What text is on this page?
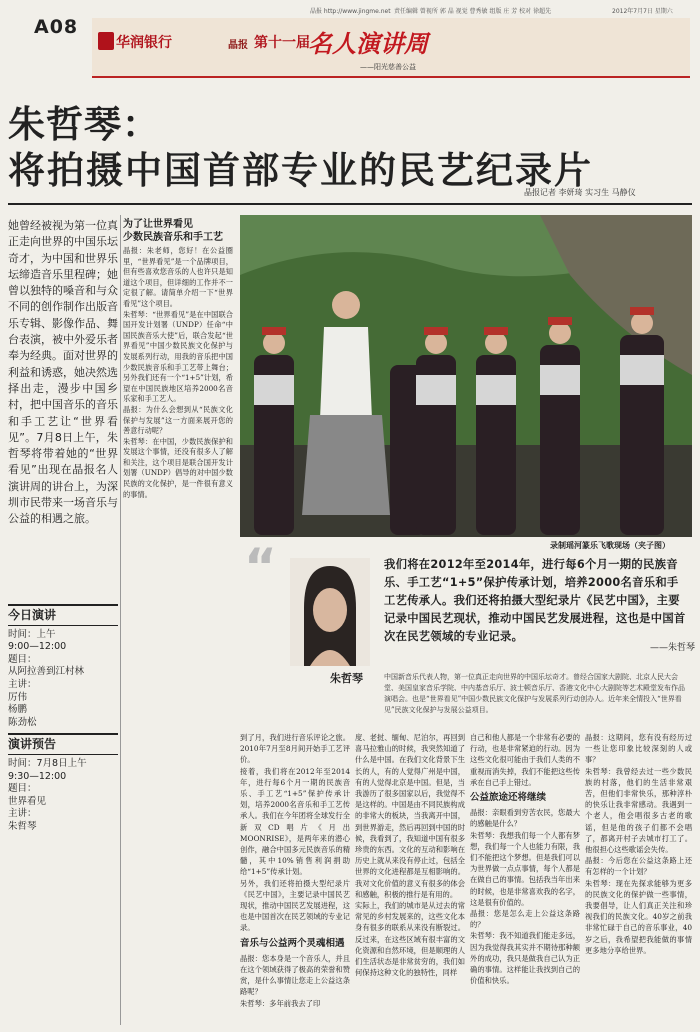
晶报 http://www.jingme.net 责任编辑 曾视所 郭 晶 视觉 曹秀敏 组版 庄 芳 校对 徐超先	2012年7月7日 星期六
A08
华润银行	晶报 第十一届
名人演讲周
——阳光慈善公益
朱哲琴：
将拍摄中国首部专业的民艺纪录片
晶报记者 李妍琦 实习生 马静仪
她曾经被视为第一位真正走向世界的中国乐坛奇才，为中国和世界乐坛缔造音乐里程碑；她曾以独特的嗓音和与众不同的创作制作出版音乐专辑、影像作品、舞台表演，被中外爱乐者奉为经典。面对世界的利益和诱惑，她决然选择出走，漫步中国乡村，把中国音乐的音乐和手工艺让“世界看见”。7月8日上午，朱哲琴将带着她的“世界看见”出现在晶报名人演讲周的讲台上，为深圳市民带来一场音乐与公益的相遇之旅。
今日演讲
时间：上午
9:00—12:00
题目：
从阿拉善到江村林
主讲：
厉伟
杨鹏
陈劲松
演讲预告
时间：7月8日上午
9:30—12:00
题目：
世界看见
主讲：
朱哲琴
为了让世界看见
少数民族音乐和手工艺
晶报：朱老师，您好！在公益圈里，“世界看见”是一个品牌项目，但有些喜欢您音乐的人也许只是知道这个项目，但详细的工作并不一定很了解。请简单介绍一下“世界看见”这个项目。
朱哲琴：“世界看见”是在中国联合国开发计划署（UNDP）任命“中国民族音乐大使”后，联合发起“世界看见”中国少数民族文化保护与发展系列行动，用我的音乐把中国少数民族音乐和手工艺带上舞台；另外我们还有一个“1+5”计划，希望在中国民族地区培养2000名音乐家和手工艺人。
晶报：为什么会想到从“民族文化保护与发展”这一方面来展开您的善意行动呢？
朱哲琴：在中国，少数民族保护和发展这个事情，还没有很多人了解和关注，这个项目是联合国开发计划署（UNDP）倡导的对中国少数民族的文化保护，是一件很有意义的事情。
录制瑶河篆乐飞歌现场（夹子图）
“
朱哲琴
我们将在2012年至2014年，进行每6个月一期的民族音乐、手工艺“1+5”保护传承计划，培养2000名音乐和手工艺传承人。我们还将拍摄大型纪录片《民艺中国》，主要记录中国民艺现状，推动中国民艺发展进程，这也是中国首次在民艺领域的专业记录。
——朱哲琴
中国新音乐代表人物，第一位真正走向世界的中国乐坛奇才。曾经合国家大剧院、北京人民大会堂、美国皇家音乐学院、中内基音乐厅、波士顿音乐厅、香港文化中心大剧院等艺术殿堂发布作品演唱会。也是“世界看见”中国少数民族文化保护与发展系列行动创办人。近年来全情投入“世界看见”民族文化保护与发展公益项目。
到了月，我们进行音乐评论之旅。2010年7月至8月间开始手工艺评价。
接着，我们将在2012年至2014年，进行每6个月一期的民族音乐、手工艺“1+5”保护传承计划，培养2000名音乐和手工艺传承人。我们在今年团将全球发行全新双CD唱片《月出MOONRISE》，是两年来的潜心创作，融合中国多元民族音乐的精髓，其中10%销售利润捐助给“1+5”传承计划。
另外，我们还将拍摄大型纪录片《民艺中国》，主要记录中国民艺现状，推动中国民艺发展进程，这也是中国首次在民艺领域的专业记录。
音乐与公益两个灵魂相遇
晶报：您本身是一个音乐人，并且在这个领域获得了极高的荣誉和赞赏，是什么事情让您走上公益这条路呢？
朱哲琴：多年前我去了印
度、老挝、缅甸、尼泊尔，再回到喜马拉雅山的时候，我突然知道了什么是中国。在我们文化背景下生长的人，有的人觉得广州是中国，有的人觉得北京是中国。但是，当我游历了很多国家以后，我觉得不是这样的。中国是由不同民族构成的非常大的板块，当我离开中国，到世界游走，然后再回到中国的时候，我看到了，我知道中国有很多珍贵的东西。文化的互动和影响在历史上就从来没有停止过，包括全世界的文化进程都是互相影响的。我对文化价值的意义有很多的体会和感触，积极的推行是有用的。
实际上，我们的城市是从过去的常常见的乡村发展来的，这些文化本身有很多的联系从来没有断裂过。反过来，在这些区域有很丰富的文化资源和自然环境，但是顺理的人们生活状态是非常贫穷的，我们如何保持这种文化的独特性，同样
自己和他人都是一个非常有必要的行动，也是非常紧迫的行动。因为这些文化很可能由于我们人类的不重视而消失掉，我们不能把这些传承在自己手上错过。
公益旅途还将继续
晶报：亲眼看到穷苦农民，您最大的感触是什么？
朱哲琴：我想我们每一个人都有梦想，我们每一个人也能力有限，我们不能把这个梦想。但是我们可以为世界做一点点事情，每个人都是在做自己的事情。包括我当年出来的时候，也是非常喜欢我的名字，这是很有价值的。
晶报：您是怎么走上公益这条路的？
朱哲琴：我不知道我们能走多远，因为我觉得我其实并不期待那种额外的成功，我只是做我自己认为正确的事情。这样能让我找到自己的价值和快乐。
晶报：这期间，您有没有经历过一些让您印象比较深刻的人或事？
朱哲琴：我曾经去过一些少数民族的村落，他们的生活非常艰苦，但他们非常快乐，那种淳朴的快乐让我非常感动。我遇到一个老人，他会唱很多古老的歌谣，但是他的孩子们都不会唱了，都离开村子去城市打工了。他很担心这些歌谣会失传。
晶报：今后您在公益这条路上还有怎样的一个计划？
朱哲琴：现在先探求能够为更多的民族文化的保护做一些事情，我要倡导，让人们真正关注和珍视我们的民族文化。40岁之前我非常忙碌于自己的音乐事业，40岁之后，我希望把我能做的事情更多地分享给世界。
